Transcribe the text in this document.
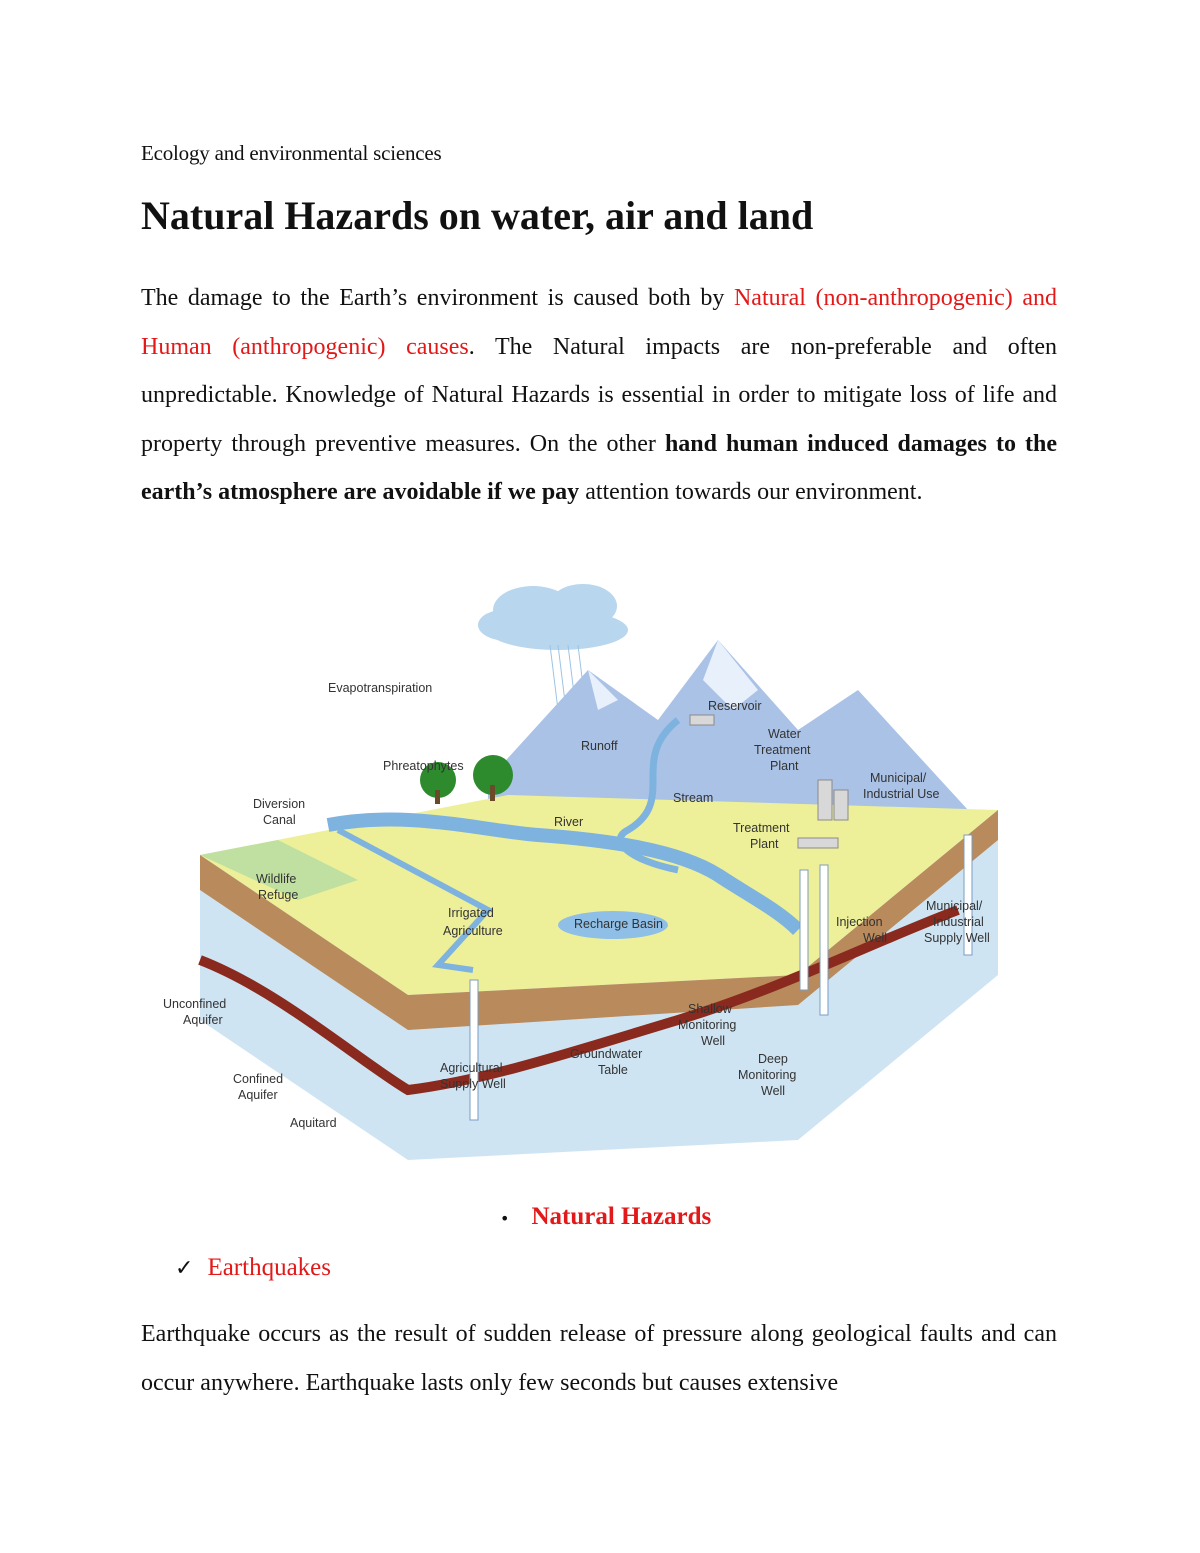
Ecology and environmental sciences
Natural Hazards on water, air and land

The damage to the Earth’s environment is caused both by Natural (non-anthropogenic) and Human (anthropogenic) causes. The Natural impacts are non-preferable and often unpredictable. Knowledge of Natural Hazards is essential in order to mitigate loss of life and property through preventive measures. On the other hand human induced damages to the earth’s atmosphere are avoidable if we pay attention towards our environment.

Evapotranspiration
Phreatophytes
Diversion
Canal
Runoff
Reservoir
Water
Treatment
Plant
Municipal/
Industrial Use
Stream
River	Treatment
Plant
Wildlife
Refuge
Irrigated
Agriculture	Recharge Basin	Injection
Well
Municipal/
Industrial
Supply Well
Shallow
Monitoring
Well
Deep
Monitoring
Well
Unconfined
Aquifer
Confined
Aquifer
Aquitard
Agricultural
Supply Well
Groundwater
Table
• Natural Hazards
✓ Earthquakes

Earthquake occurs as the result of sudden release of pressure along geological faults and can occur anywhere. Earthquake lasts only few seconds but causes extensive
